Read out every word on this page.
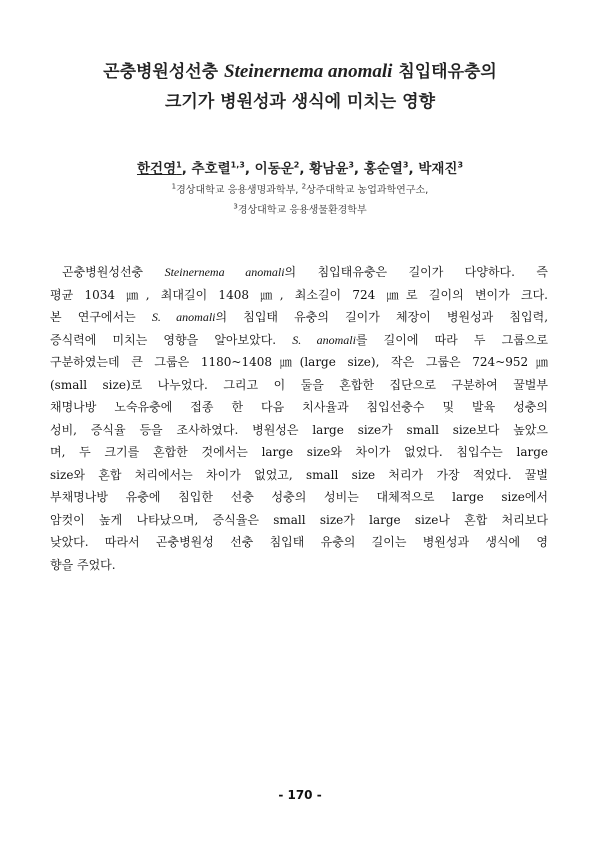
곤충병원성선충 Steinernema anomali 침입태유충의
크기가 병원성과 생식에 미치는 영향
한건영$^1$, 추호렬$^{1,3}$, 이동운$^2$, 황남윤$^3$, 홍순열$^3$, 박재진$^3$
$^1$경상대학교 응용생명과학부, $^2$상주대학교 농업과학연구소,
$^3$경상대학교 응용생물환경학부
곤충병원성선충 Steinernema anomali의 침입태유충은 길이가 다양하다. 즉
평균 1034 ㎛, 최대길이 1408 ㎛, 최소길이 724 ㎛로 길이의 변이가 크다.
본 연구에서는 S. anomali의 침입태 유충의 길이가 체장이 병원성과 침입력,
증식력에 미치는 영향을 알아보았다. S. anomali를 길이에 따라 두 그룹으로
구분하였는데 큰 그룹은 1180~1408㎛(large size), 작은 그룹은 724~952㎛
(small size)로 나누었다. 그리고 이 둘을 혼합한 집단으로 구분하여 꿀벌부
채명나방 노숙유충에 접종 한 다음 치사율과 침입선충수 및 발육 성충의
성비, 증식율 등을 조사하였다. 병원성은 large size가 small size보다 높았으
며, 두 크기를 혼합한 것에서는 large size와 차이가 없었다. 침입수는 large
size와 혼합 처리에서는 차이가 없었고, small size 처리가 가장 적었다. 꿀벌
부채명나방 유충에 침입한 선충 성충의 성비는 대체적으로 large size에서
암컷이 높게 나타났으며, 증식율은 small size가 large size나 혼합 처리보다
낮았다. 따라서 곤충병원성 선충 침입태 유충의 길이는 병원성과 생식에 영
향을 주었다.
- 170 -
